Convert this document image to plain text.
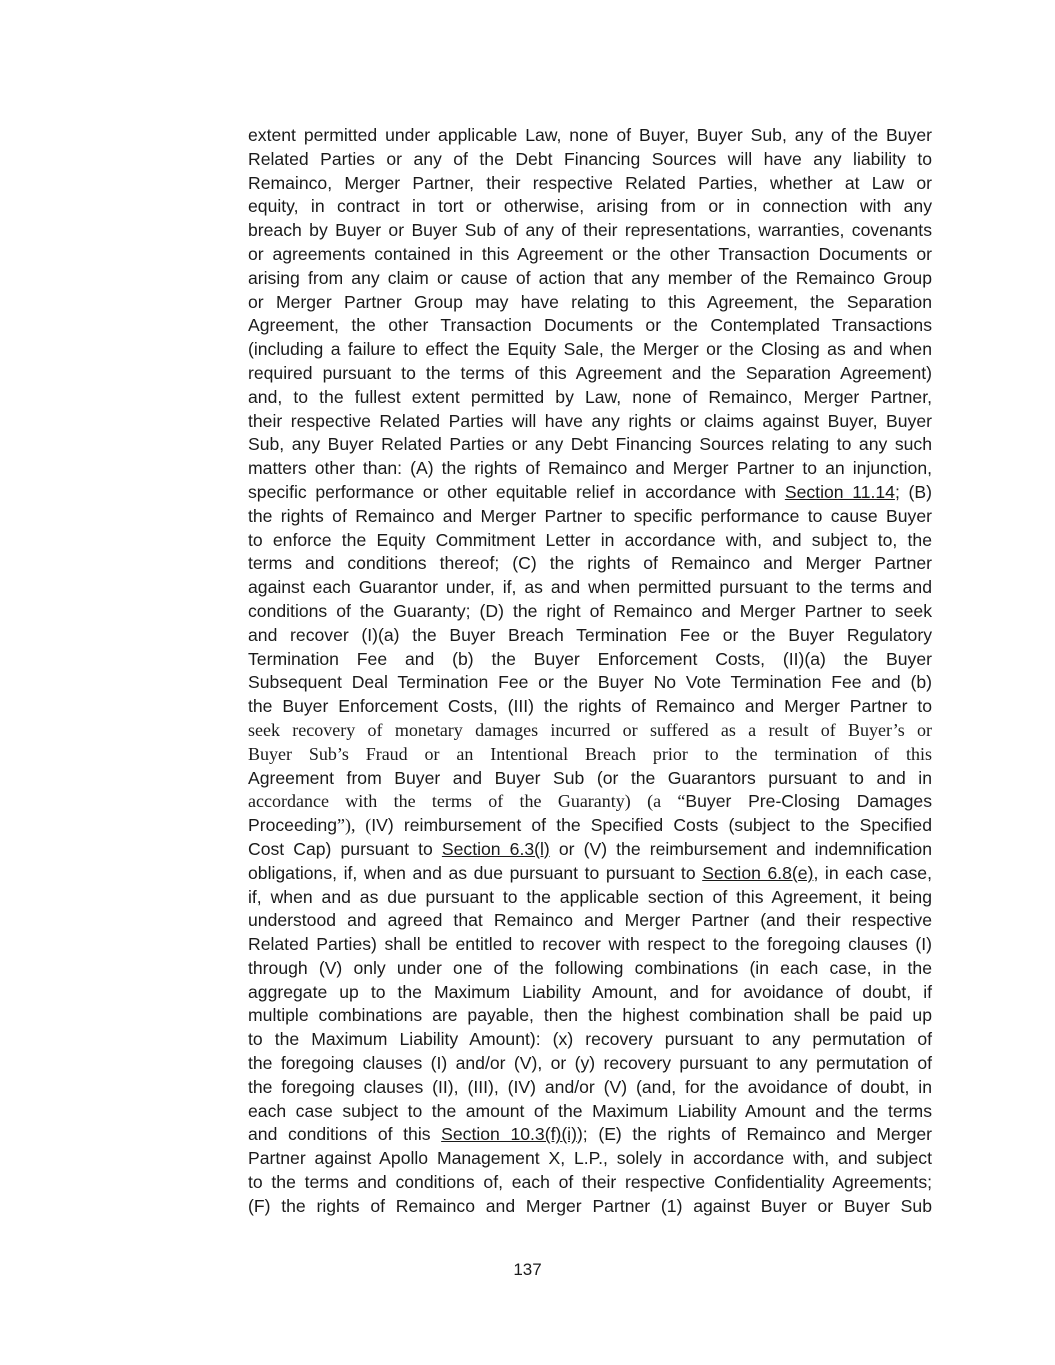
extent permitted under applicable Law, none of Buyer, Buyer Sub, any of the Buyer
Related Parties or any of the Debt Financing Sources will have any liability to
Remainco, Merger Partner, their respective Related Parties, whether at Law or
equity, in contract in tort or otherwise, arising from or in connection with any
breach by Buyer or Buyer Sub of any of their representations, warranties, covenants
or agreements contained in this Agreement or the other Transaction Documents or
arising from any claim or cause of action that any member of the Remainco Group
or Merger Partner Group may have relating to this Agreement, the Separation
Agreement, the other Transaction Documents or the Contemplated Transactions
(including a failure to effect the Equity Sale, the Merger or the Closing as and when
required pursuant to the terms of this Agreement and the Separation Agreement)
and, to the fullest extent permitted by Law, none of Remainco, Merger Partner,
their respective Related Parties will have any rights or claims against Buyer, Buyer
Sub, any Buyer Related Parties or any Debt Financing Sources relating to any such
matters other than: (A) the rights of Remainco and Merger Partner to an injunction,
specific performance or other equitable relief in accordance with Section 11.14; (B)
the rights of Remainco and Merger Partner to specific performance to cause Buyer
to enforce the Equity Commitment Letter in accordance with, and subject to, the
terms and conditions thereof; (C) the rights of Remainco and Merger Partner
against each Guarantor under, if, as and when permitted pursuant to the terms and
conditions of the Guaranty; (D) the right of Remainco and Merger Partner to seek
and recover (I)(a) the Buyer Breach Termination Fee or the Buyer Regulatory
Termination Fee and (b) the Buyer Enforcement Costs, (II)(a) the Buyer
Subsequent Deal Termination Fee or the Buyer No Vote Termination Fee and (b)
the Buyer Enforcement Costs, (III) the rights of Remainco and Merger Partner to
seek recovery of monetary damages incurred or suffered as a result of Buyer’s or
Buyer Sub’s Fraud or an Intentional Breach prior to the termination of this
Agreement from Buyer and Buyer Sub (or the Guarantors pursuant to and in
accordance with the terms of the Guaranty) (a “Buyer Pre-Closing Damages
Proceeding”), (IV) reimbursement of the Specified Costs (subject to the Specified
Cost Cap) pursuant to Section 6.3(l) or (V) the reimbursement and indemnification
obligations, if, when and as due pursuant to pursuant to Section 6.8(e), in each case,
if, when and as due pursuant to the applicable section of this Agreement, it being
understood and agreed that Remainco and Merger Partner (and their respective
Related Parties) shall be entitled to recover with respect to the foregoing clauses (I)
through (V) only under one of the following combinations (in each case, in the
aggregate up to the Maximum Liability Amount, and for avoidance of doubt, if
multiple combinations are payable, then the highest combination shall be paid up
to the Maximum Liability Amount): (x) recovery pursuant to any permutation of
the foregoing clauses (I) and/or (V), or (y) recovery pursuant to any permutation of
the foregoing clauses (II), (III), (IV) and/or (V) (and, for the avoidance of doubt, in
each case subject to the amount of the Maximum Liability Amount and the terms
and conditions of this Section 10.3(f)(i)); (E) the rights of Remainco and Merger
Partner against Apollo Management X, L.P., solely in accordance with, and subject
to the terms and conditions of, each of their respective Confidentiality Agreements;
(F) the rights of Remainco and Merger Partner (1) against Buyer or Buyer Sub
137
